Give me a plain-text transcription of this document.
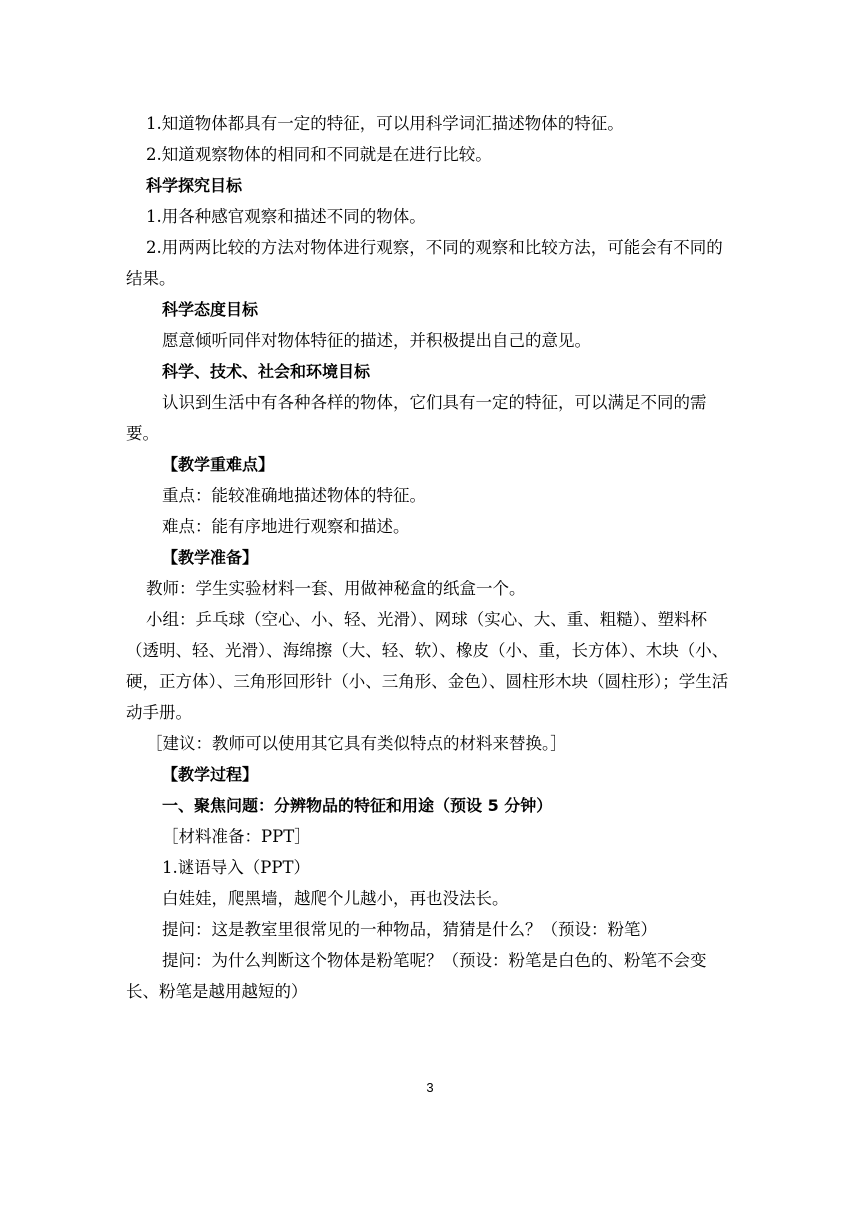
1.知道物体都具有一定的特征，可以用科学词汇描述物体的特征。

2.知道观察物体的相同和不同就是在进行比较。

科学探究目标

1.用各种感官观察和描述不同的物体。

2.用两两比较的方法对物体进行观察，不同的观察和比较方法，可能会有不同的结果。

科学态度目标

愿意倾听同伴对物体特征的描述，并积极提出自己的意见。

科学、技术、社会和环境目标

认识到生活中有各种各样的物体，它们具有一定的特征，可以满足不同的需要。

【教学重难点】

重点：能较准确地描述物体的特征。

难点：能有序地进行观察和描述。

【教学准备】

教师：学生实验材料一套、用做神秘盒的纸盒一个。

小组：乒乓球（空心、小、轻、光滑）、网球（实心、大、重、粗糙）、塑料杯（透明、轻、光滑）、海绵擦（大、轻、软）、橡皮（小、重，长方体）、木块（小、硬，正方体）、三角形回形针（小、三角形、金色）、圆柱形木块（圆柱形）；学生活动手册。

［建议：教师可以使用其它具有类似特点的材料来替换。］

【教学过程】

一、聚焦问题：分辨物品的特征和用途（预设 5 分钟）

［材料准备：PPT］

1.谜语导入（PPT）

白娃娃，爬黑墙，越爬个儿越小，再也没法长。

提问：这是教室里很常见的一种物品，猜猜是什么？（预设：粉笔）

提问：为什么判断这个物体是粉笔呢？（预设：粉笔是白色的、粉笔不会变长、粉笔是越用越短的）

3
